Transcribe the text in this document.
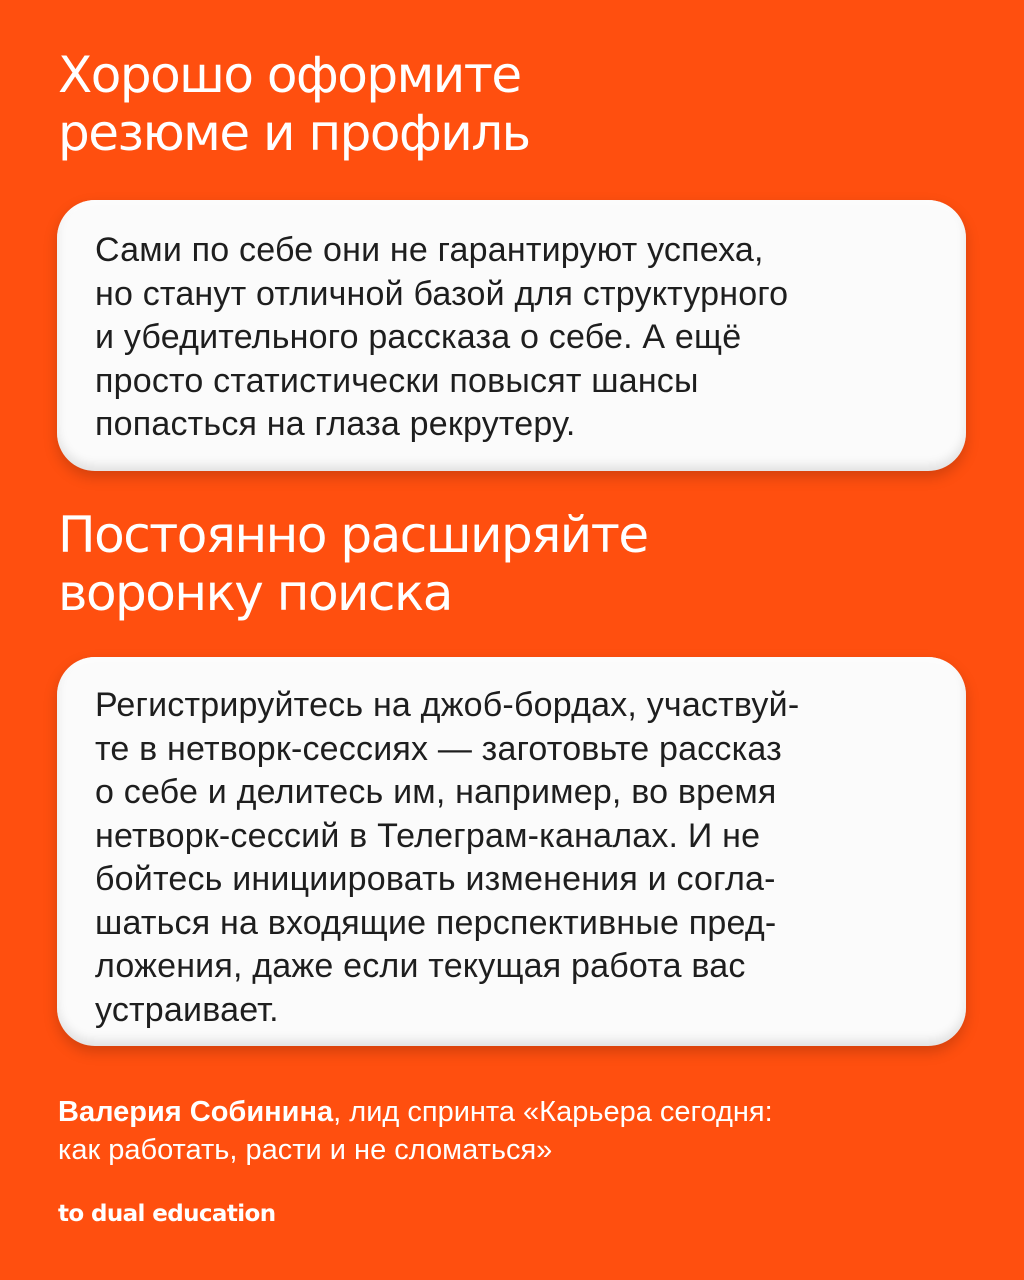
Хорошо оформите
резюме и профиль

Сами по себе они не гарантируют успеха,
но станут отличной базой для структурного
и убедительного рассказа о себе. А ещё
просто статистически повысят шансы
попасться на глаза рекрутеру.

Постоянно расширяйте
воронку поиска

Регистрируйтесь на джоб-бордах, участвуй-
те в нетворк-сессиях — заготовьте рассказ
о себе и делитесь им, например, во время
нетворк-сессий в Телеграм-каналах. И не
бойтесь инициировать изменения и согла-
шаться на входящие перспективные пред-
ложения, даже если текущая работа вас
устраивает.

Валерия Собинина, лид спринта «Карьера сегодня:
как работать, расти и не сломаться»

to dual education
